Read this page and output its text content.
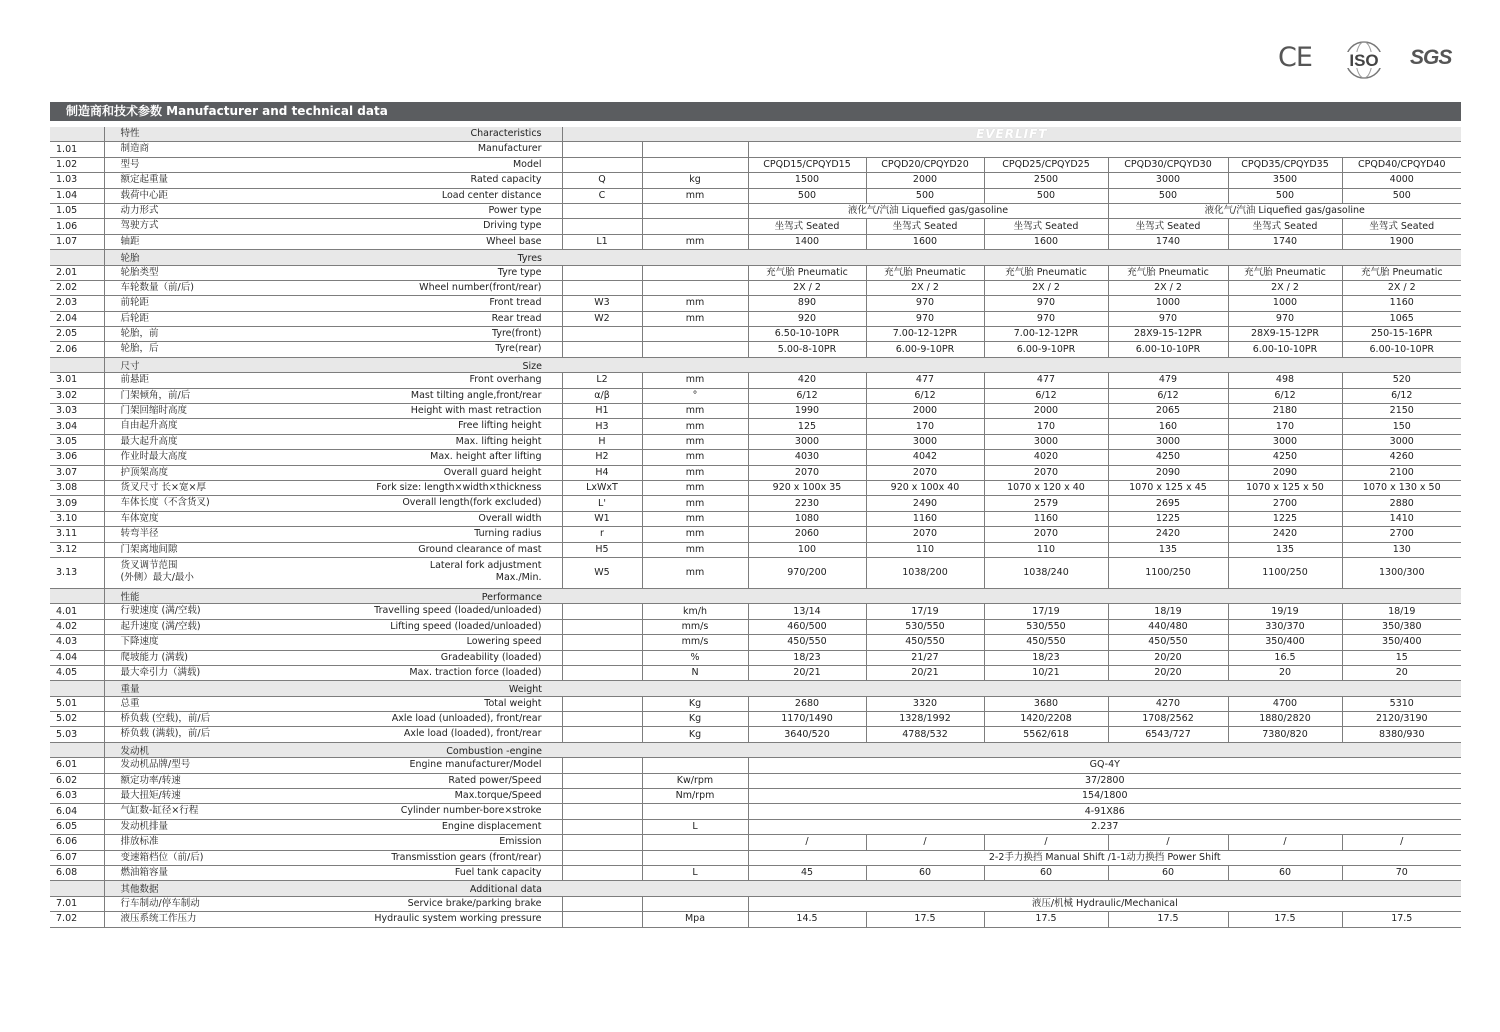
CE ISO SGS
制造商和技术参数 Manufacturer and technical data

	特性 Characteristics	EVERLIFT							
1.01	制造商 Manufacturer								

1.02	型号 Model			CPQD15/CPQYD15	CPQD20/CPQYD20	CPQD25/CPQYD25	CPQD30/CPQYD30	CPQD35/CPQYD35	CPQD40/CPQYD40
1.03	额定起重量 Rated capacity	Q	kg	1500	2000	2500	3000	3500	4000
1.04	载荷中心距 Load center distance	C	mm	500	500	500	500	500	500
1.05	动力形式 Power type			液化气/汽油 Liquefied gas/gasoline			液化气/汽油 Liquefied gas/gasoline		
1.06	驾驶方式 Driving type			坐驾式 Seated	坐驾式 Seated	坐驾式 Seated	坐驾式 Seated	坐驾式 Seated	坐驾式 Seated
1.07	轴距 Wheel base	L1	mm	1400	1600	1600	1740	1740	1900

	轮胎 Tyres								

2.01	轮胎类型 Tyre type			充气胎 Pneumatic	充气胎 Pneumatic	充气胎 Pneumatic	充气胎 Pneumatic	充气胎 Pneumatic	充气胎 Pneumatic
2.02	车轮数量（前/后) Wheel number(front/rear)			2X / 2	2X / 2	2X / 2	2X / 2	2X / 2	2X / 2
2.03	前轮距 Front tread	W3	mm	890	970	970	1000	1000	1160
2.04	后轮距 Rear tread	W2	mm	920	970	970	970	970	1065
2.05	轮胎，前 Tyre(front)			6.50-10-10PR	7.00-12-12PR	7.00-12-12PR	28X9-15-12PR	28X9-15-12PR	250-15-16PR
2.06	轮胎，后 Tyre(rear)			5.00-8-10PR	6.00-9-10PR	6.00-9-10PR	6.00-10-10PR	6.00-10-10PR	6.00-10-10PR

	尺寸 Size								

3.01	前悬距 Front overhang	L2	mm	420	477	477	479	498	520
3.02	门架倾角，前/后 Mast tilting angle,front/rear	α/β	°	6/12	6/12	6/12	6/12	6/12	6/12
3.03	门架回缩时高度 Height with mast retraction	H1	mm	1990	2000	2000	2065	2180	2150
3.04	自由起升高度 Free lifting height	H3	mm	125	170	170	160	170	150
3.05	最大起升高度 Max. lifting height	H	mm	3000	3000	3000	3000	3000	3000
3.06	作业时最大高度 Max. height after lifting	H2	mm	4030	4042	4020	4250	4250	4260
3.07	护顶架高度 Overall guard height	H4	mm	2070	2070	2070	2090	2090	2100
3.08	货叉尺寸 长×宽×厚 Fork size: length×width×thickness	LxWxT	mm	920 x 100x 35	920 x 100x 40	1070 x 120 x 40	1070 x 125 x 45	1070 x 125 x 50	1070 x 130 x 50
3.09	车体长度（不含货叉) Overall length(fork excluded)	L'	mm	2230	2490	2579	2695	2700	2880
3.10	车体宽度 Overall width	W1	mm	1080	1160	1160	1225	1225	1410
3.11	转弯半径 Turning radius	r	mm	2060	2070	2070	2420	2420	2700
3.12	门架离地间隙 Ground clearance of mast	H5	mm	100	110	110	135	135	130
3.13	货叉调节范围
(外侧）最大/最小
Lateral fork adjustment
Max./Min.	W5	mm	970/200	1038/200	1038/240	1100/250	1100/250	1300/300

	性能 Performance								

4.01	行驶速度 (满/空载) Travelling speed (loaded/unloaded)		km/h	13/14	17/19	17/19	18/19	19/19	18/19
4.02	起升速度 (满/空载) Lifting speed (loaded/unloaded)		mm/s	460/500	530/550	530/550	440/480	330/370	350/380
4.03	下降速度 Lowering speed		mm/s	450/550	450/550	450/550	450/550	350/400	350/400
4.04	爬坡能力 (满载) Gradeability (loaded)		%	18/23	21/27	18/23	20/20	16.5	15
4.05	最大牵引力（满载) Max. traction force (loaded)		N	20/21	20/21	10/21	20/20	20	20

	重量 Weight								

5.01	总重 Total weight		Kg	2680	3320	3680	4270	4700	5310
5.02	桥负载 (空载)，前/后 Axle load (unloaded), front/rear		Kg	1170/1490	1328/1992	1420/2208	1708/2562	1880/2820	2120/3190
5.03	桥负载 (满载)，前/后 Axle load (loaded), front/rear		Kg	3640/520	4788/532	5562/618	6543/727	7380/820	8380/930

	发动机 Combustion -engine								

6.01	发动机品牌/型号 Engine manufacturer/Model			GQ-4Y					
6.02	额定功率/转速 Rated power/Speed		Kw/rpm	37/2800					
6.03	最大扭矩/转速 Max.torque/Speed		Nm/rpm	154/1800					
6.04	气缸数-缸径×行程 Cylinder number-bore×stroke			4-91X86					
6.05	发动机排量 Engine displacement		L	2.237					
6.06	排放标准 Emission			/	/	/	/	/	/
6.07	变速箱档位（前/后) Transmisstion gears (front/rear)			2-2手力换挡 Manual Shift /1-1动力换挡 Power Shift					
6.08	燃油箱容量 Fuel tank capacity		L	45	60	60	60	60	70

	其他数据 Additional data								

7.01	行车制动/停车制动 Service brake/parking brake			液压/机械 Hydraulic/Mechanical					
7.02	液压系统工作压力 Hydraulic system working pressure		Mpa	14.5	17.5	17.5	17.5	17.5	17.5
